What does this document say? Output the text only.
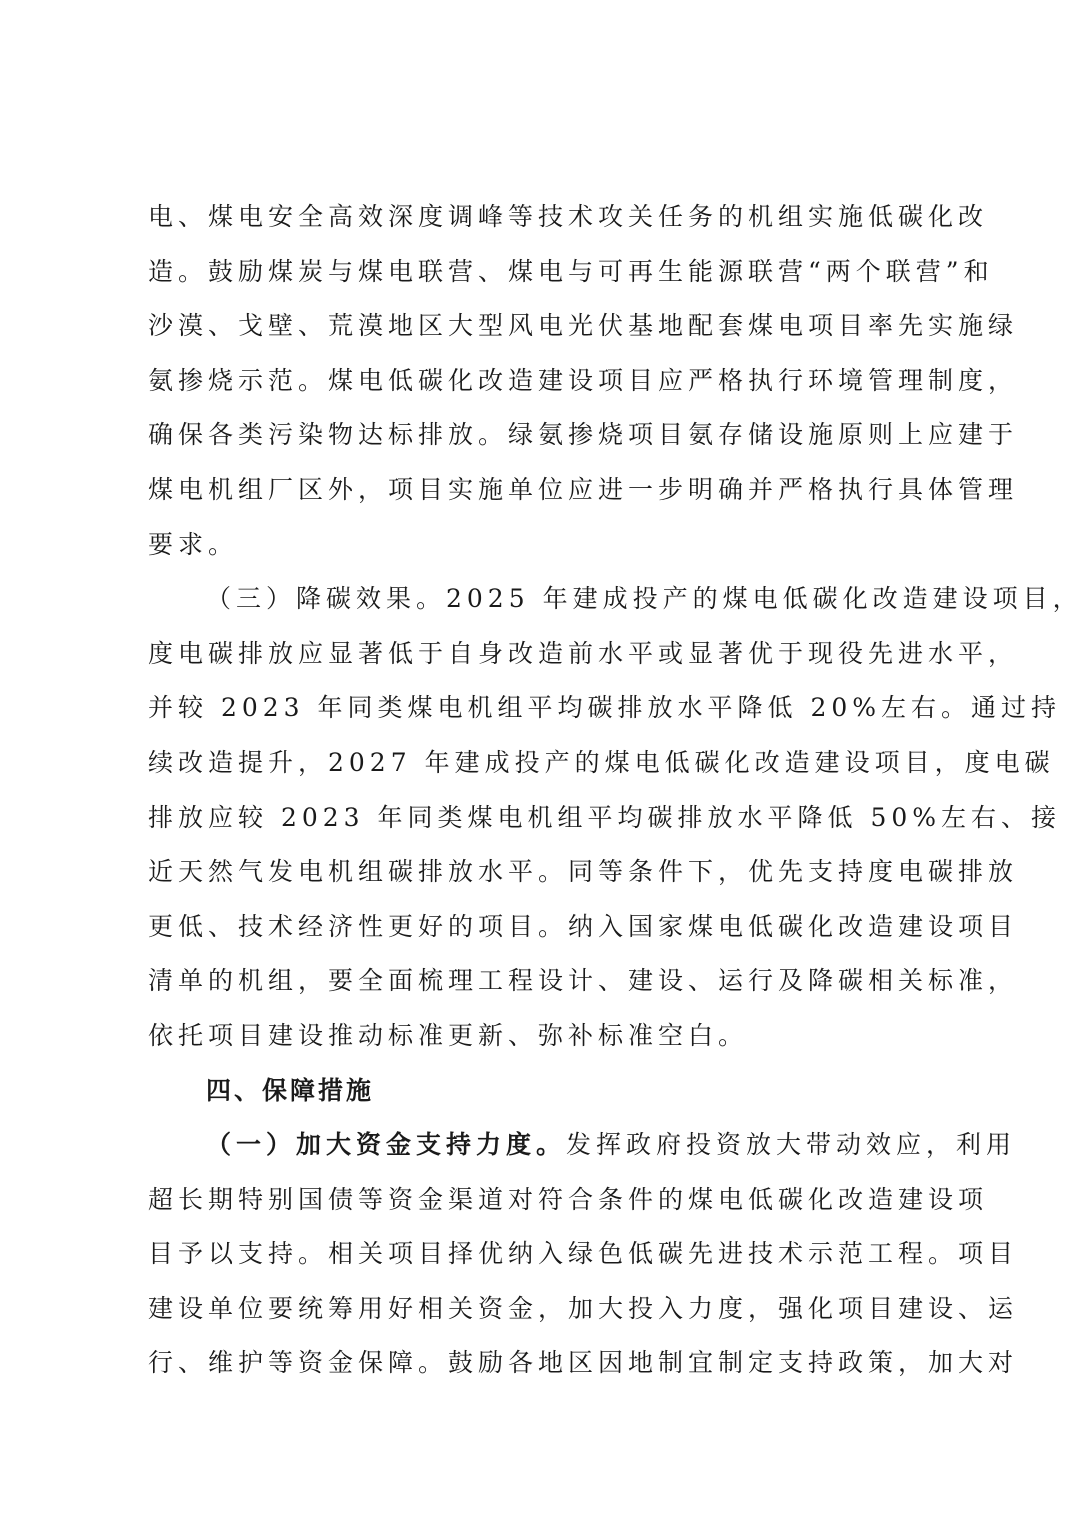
电、煤电安全高效深度调峰等技术攻关任务的机组实施低碳化改
造。鼓励煤炭与煤电联营、煤电与可再生能源联营“两个联营”和
沙漠、戈壁、荒漠地区大型风电光伏基地配套煤电项目率先实施绿
氨掺烧示范。煤电低碳化改造建设项目应严格执行环境管理制度，
确保各类污染物达标排放。绿氨掺烧项目氨存储设施原则上应建于
煤电机组厂区外，项目实施单位应进一步明确并严格执行具体管理
要求。
（三）降碳效果。2025 年建成投产的煤电低碳化改造建设项目，
度电碳排放应显著低于自身改造前水平或显著优于现役先进水平，
并较 2023 年同类煤电机组平均碳排放水平降低 20%左右。通过持
续改造提升，2027 年建成投产的煤电低碳化改造建设项目，度电碳
排放应较 2023 年同类煤电机组平均碳排放水平降低 50%左右、接
近天然气发电机组碳排放水平。同等条件下，优先支持度电碳排放
更低、技术经济性更好的项目。纳入国家煤电低碳化改造建设项目
清单的机组，要全面梳理工程设计、建设、运行及降碳相关标准，
依托项目建设推动标准更新、弥补标准空白。
四、保障措施
（一）加大资金支持力度。 发挥政府投资放大带动效应，利用
超长期特别国债等资金渠道对符合条件的煤电低碳化改造建设项
目予以支持。相关项目择优纳入绿色低碳先进技术示范工程。项目
建设单位要统筹用好相关资金，加大投入力度，强化项目建设、运
行、维护等资金保障。鼓励各地区因地制宜制定支持政策，加大对
